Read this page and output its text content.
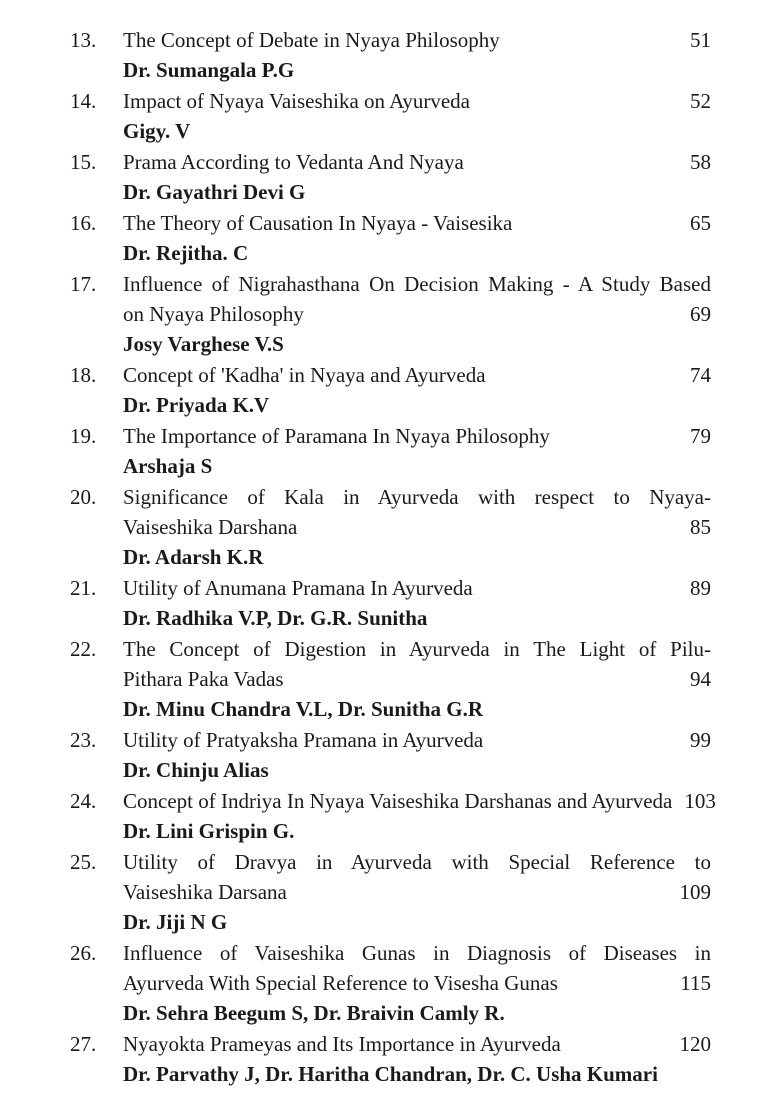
13.	The Concept of Debate in Nyaya Philosophy	51
Dr. Sumangala P.G
14.	Impact of Nyaya Vaiseshika on Ayurveda	52
Gigy. V
15.	Prama According to Vedanta And Nyaya	58
Dr. Gayathri Devi G
16.	The Theory of Causation In Nyaya - Vaisesika	65
Dr. Rejitha. C
17.	Influence of Nigrahasthana On Decision Making - A Study Based
on Nyaya Philosophy	69
Josy Varghese V.S
18.	Concept of 'Kadha' in Nyaya and Ayurveda	74
Dr. Priyada K.V
19.	The Importance of Paramana In Nyaya Philosophy	79
Arshaja S
20.	Significance of Kala in Ayurveda with respect to Nyaya-
Vaiseshika Darshana	85
Dr. Adarsh K.R
21.	Utility of Anumana Pramana In Ayurveda	89
Dr. Radhika V.P, Dr. G.R. Sunitha
22.	The Concept of Digestion in Ayurveda in The Light of Pilu-
Pithara Paka Vadas	94
Dr. Minu Chandra V.L, Dr. Sunitha G.R
23.	Utility of Pratyaksha Pramana in Ayurveda	99
Dr. Chinju Alias
24.	Concept of Indriya In Nyaya Vaiseshika Darshanas and Ayurveda 103
Dr. Lini Grispin G.
25.	Utility of Dravya in Ayurveda with Special Reference to
Vaiseshika Darsana	109
Dr. Jiji N G
26.	Influence of Vaiseshika Gunas in Diagnosis of Diseases in
Ayurveda With Special Reference to Visesha Gunas	115
Dr. Sehra Beegum S, Dr. Braivin Camly R.
27.	Nyayokta Prameyas and Its Importance in Ayurveda	120
Dr. Parvathy J, Dr. Haritha Chandran, Dr. C. Usha Kumari
